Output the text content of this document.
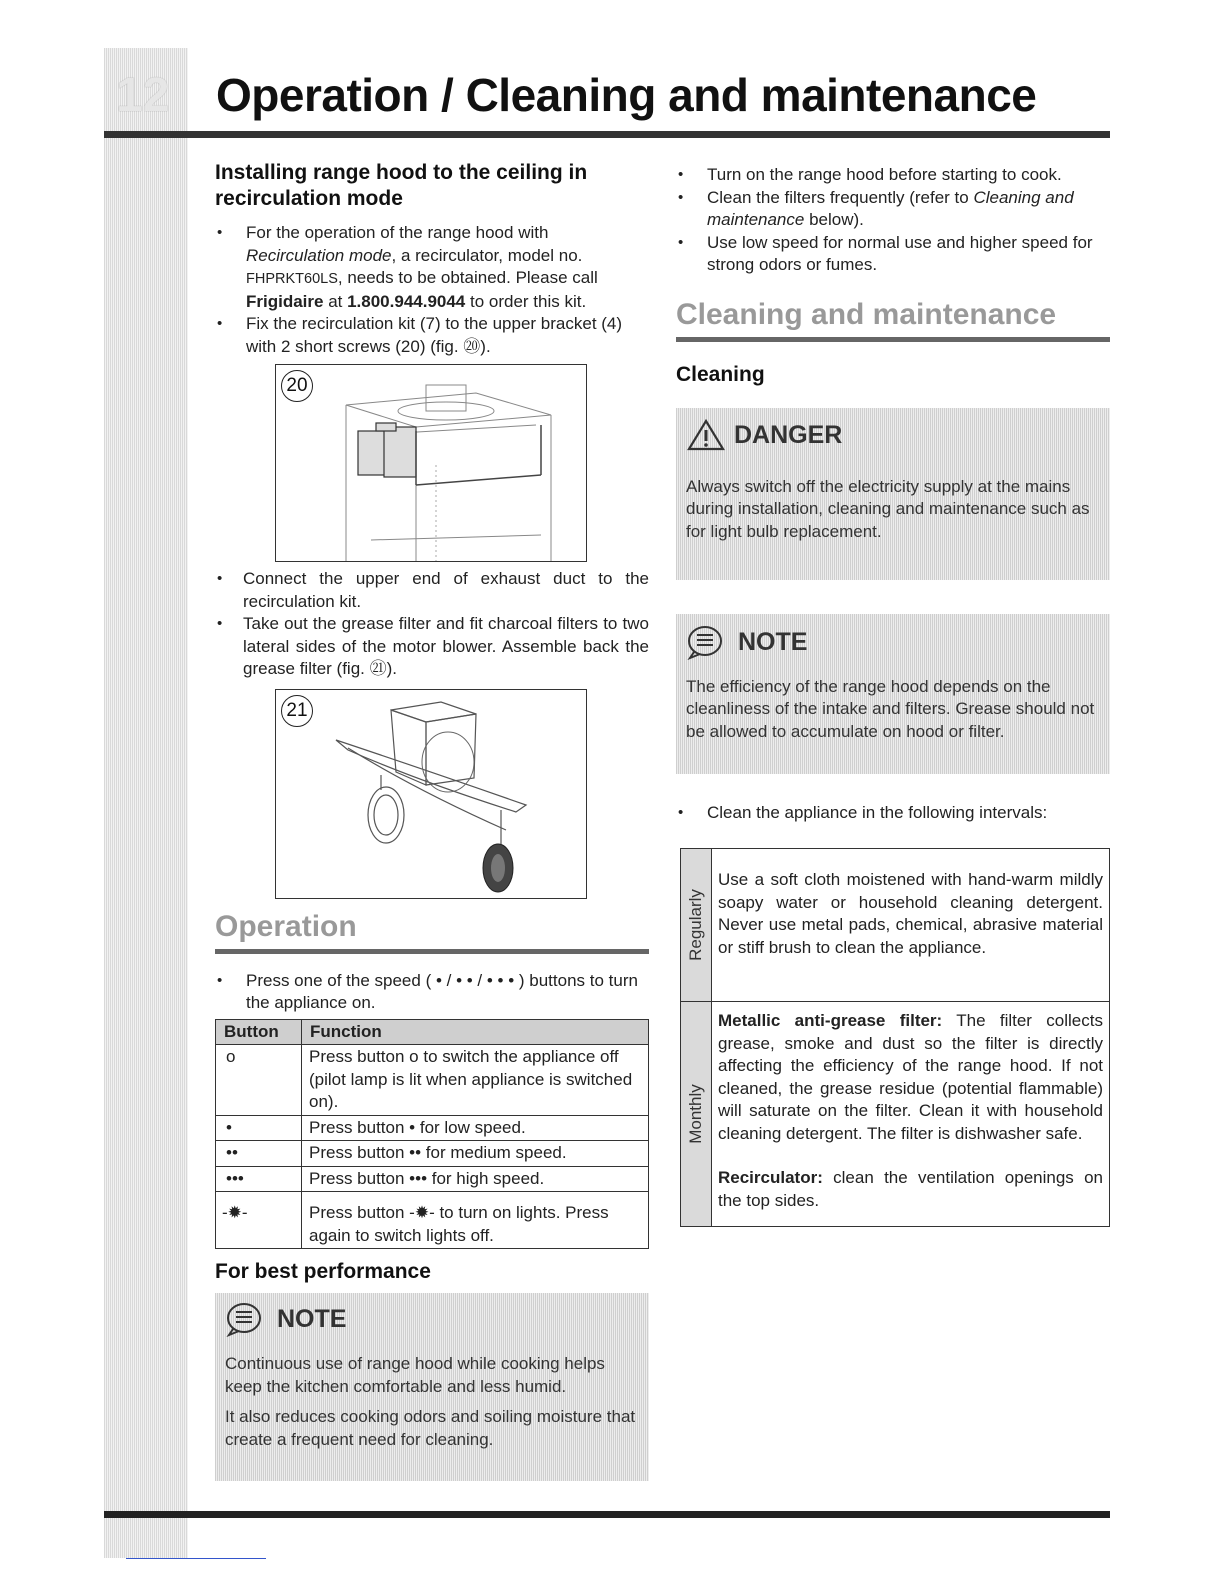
12 Operation / Cleaning and maintenance
Installing range hood to the ceiling in recirculation mode
• For the operation of the range hood with Recirculation mode, a recirculator, model no. FHPRKT60LS, needs to be obtained. Please call Frigidaire at 1.800.944.9044 to order this kit.
• Fix the recirculation kit (7) to the upper bracket (4) with 2 short screws (20) (fig. ⑳).
20
• Connect the upper end of exhaust duct to the recirculation kit.
• Take out the grease filter and fit charcoal filters to two lateral sides of the motor blower. Assemble back the grease filter (fig. ㉑).
21
Operation
• Press one of the speed ( • / • • / • • • ) buttons to turn the appliance on.
Button	Function
o	Press button o to switch the appliance off (pilot lamp is lit when appliance is switched on).
•	Press button • for low speed.
••	Press button •• for medium speed.
•••	Press button ••• for high speed.
-✹-	Press button -✹- to turn on lights. Press again to switch lights off.
For best performance
NOTE
Continuous use of range hood while cooking helps keep the kitchen comfortable and less humid.
It also reduces cooking odors and soiling moisture that create a frequent need for cleaning.
• Turn on the range hood before starting to cook.
• Clean the filters frequently (refer to Cleaning and maintenance below).
• Use low speed for normal use and higher speed for strong odors or fumes.
Cleaning and maintenance
Cleaning
DANGER
Always switch off the electricity supply at the mains during installation, cleaning and maintenance such as for light bulb replacement.
NOTE
The efficiency of the range hood depends on the cleanliness of the intake and filters. Grease should not be allowed to accumulate on hood or filter.
• Clean the appliance in the following intervals:
Regularly	Use a soft cloth moistened with hand-warm mildly soapy water or household cleaning detergent. Never use metal pads, chemical, abrasive material or stiff brush to clean the appliance.

Monthly	Metallic anti-grease filter: The filter collects grease, smoke and dust so the filter is directly affecting the efficiency of the range hood. If not cleaned, the grease residue (potential flammable) will saturate on the filter. Clean it with household cleaning detergent. The filter is dishwasher safe.
Recirculator: clean the ventilation openings on the top sides.
